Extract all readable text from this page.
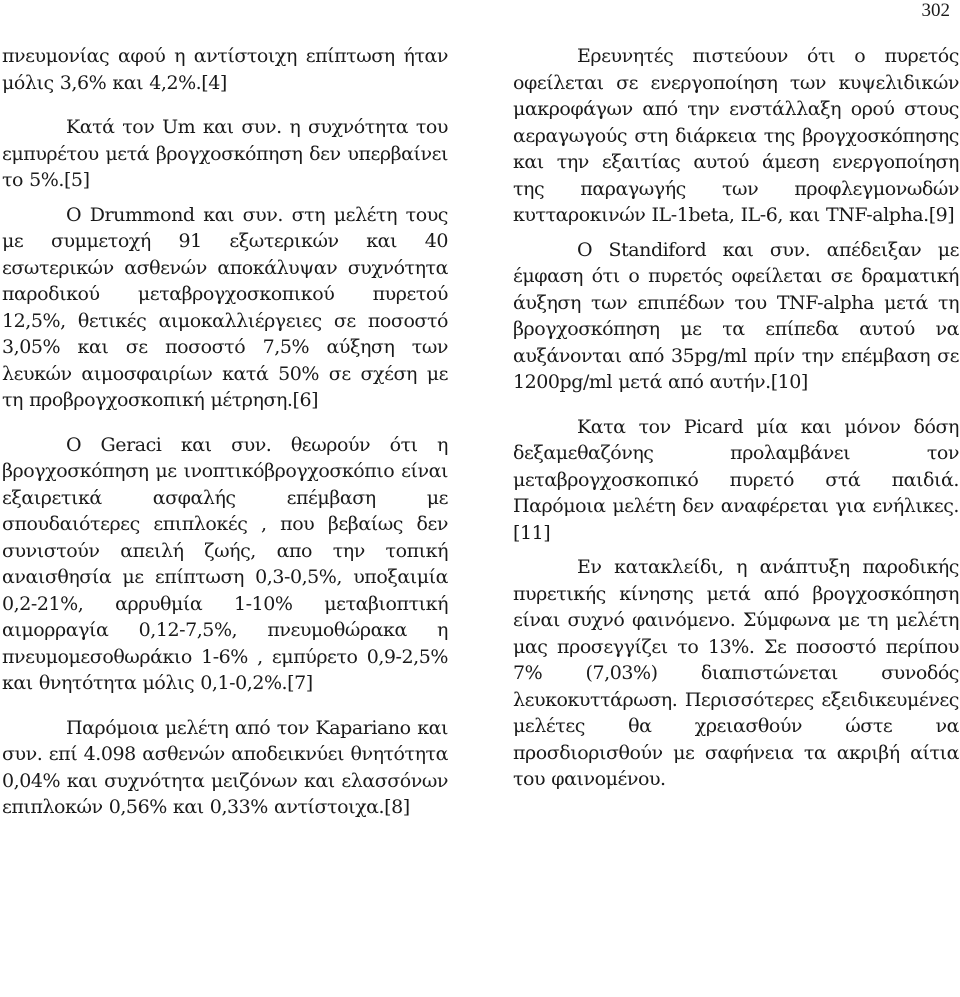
302

πνευμονίας αφού η αντίστοιχη επίπτωση ήταν μόλις 3,6% και 4,2%.[4]

Κατά τον Um και συν. η συχνότητα του εμπυρέτου μετά βρογχοσκόπηση δεν υπερβαίνει το 5%.[5]

Ο Drummond και συν. στη μελέτη τους με συμμετοχή 91 εξωτερικών και 40 εσωτερικών ασθενών αποκάλυψαν συχνότητα παροδικού μεταβρογχοσκοπικού πυρετού 12,5%, θετικές αιμοκαλλιέργειες σε ποσοστό 3,05% και σε ποσοστό 7,5% αύξηση των λευκών αιμοσφαιρίων κατά 50% σε σχέση με τη προβρογχοσκοπική μέτρηση.[6]

Ο Geraci και συν. θεωρούν ότι η βρογχοσκόπηση με ινοπτικόβρογχοσκόπιο είναι εξαιρετικά ασφαλής επέμβαση με σπουδαιότερες επιπλοκές , που βεβαίως δεν συνιστούν απειλή ζωής, απο την τοπική αναισθησία με επίπτωση 0,3-0,5%, υποξαιμία 0,2-21%, αρρυθμία 1-10% μεταβιοπτική αιμορραγία 0,12-7,5%, πνευμοθώρακα η πνευμομεσοθωράκιο 1-6% , εμπύρετο 0,9-2,5% και θνητότητα μόλις 0,1-0,2%.[7]

Παρόμοια μελέτη από τον Kapariano και συν. επί 4.098 ασθενών αποδεικνύει θνητότητα 0,04% και συχνότητα μειζόνων και ελασσόνων επιπλοκών 0,56% και 0,33% αντίστοιχα.[8]

Ερευνητές πιστεύουν ότι ο πυρετός οφείλεται σε ενεργοποίηση των κυψελιδικών μακροφάγων από την ενστάλλαξη ορού στους αεραγωγούς στη διάρκεια της βρογχοσκόπησης και την εξαιτίας αυτού άμεση ενεργοποίηση της παραγωγής των προφλεγμονωδών κυτταροκινών IL-1beta, IL-6, και TNF-alpha.[9]

Ο Standiford και συν. απέδειξαν με έμφαση ότι ο πυρετός οφείλεται σε δραματική άυξηση των επιπέδων του TNF-alpha μετά τη βρογχοσκόπηση με τα επίπεδα αυτού να αυξάνονται από 35pg/ml πρίν την επέμβαση σε 1200pg/ml μετά από αυτήν.[10]

Κατα τον Picard μία και μόνον δόση δεξαμεθαζόνης προλαμβάνει τον μεταβρογχοσκοπικό πυρετό στά παιδιά. Παρόμοια μελέτη δεν αναφέρεται για ενήλικες. [11]

Εν κατακλείδι, η ανάπτυξη παροδικής πυρετικής κίνησης μετά από βρογχοσκόπηση είναι συχνό φαινόμενο. Σύμφωνα με τη μελέτη μας προσεγγίζει το 13%. Σε ποσοστό περίπου 7% (7,03%) διαπιστώνεται συνοδός λευκοκυττάρωση. Περισσότερες εξειδικευμένες μελέτες θα χρειασθούν ώστε να προσδιορισθούν με σαφήνεια τα ακριβή αίτια του φαινομένου.
